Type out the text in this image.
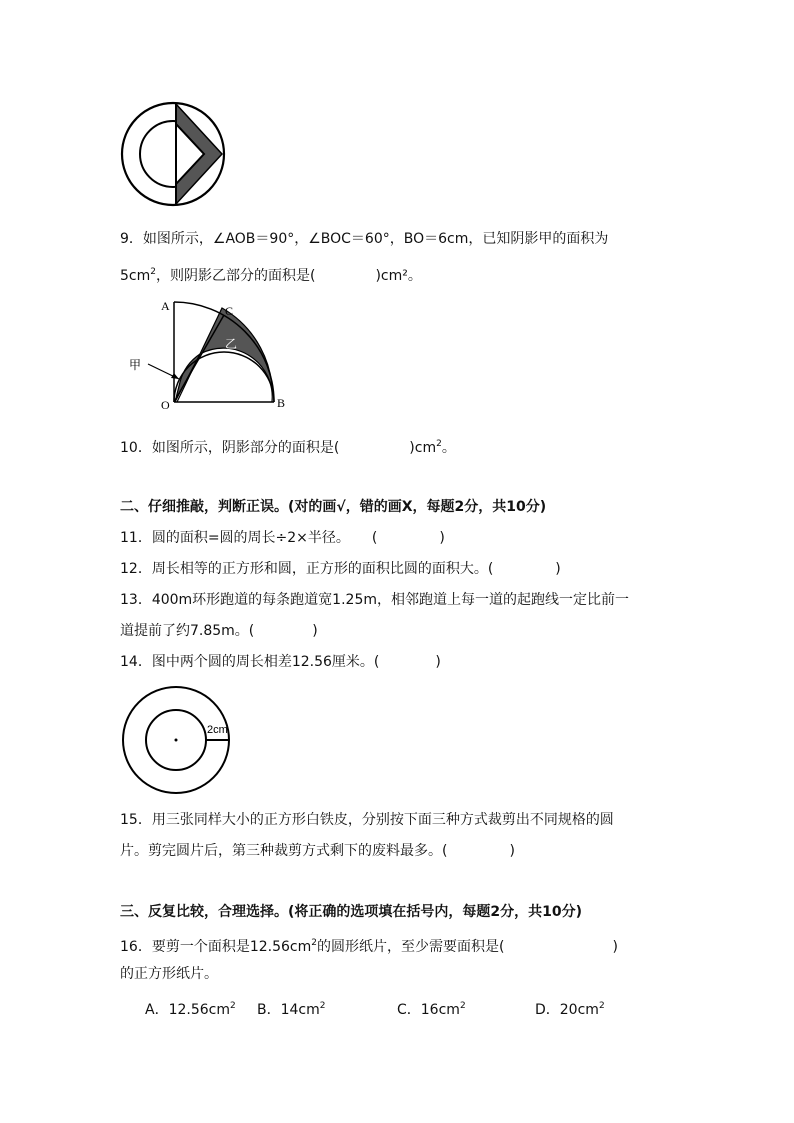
9．如图所示，∠AOB＝90°，∠BOC＝60°，BO＝6cm，已知阴影甲的面积为
$5cm^2$，则阴影乙部分的面积是(	)cm²。
A	C
B
O
甲
乙
10．如图所示，阴影部分的面积是(	)$cm^2$。
二、仔细推敲，判断正误。(对的画√，错的画X，每题2分，共10分)
11．圆的面积=圆的周长÷2×半径。 (	)
12．周长相等的正方形和圆，正方形的面积比圆的面积大。(	)
13．400m环形跑道的每条跑道宽1.25m，相邻跑道上每一道的起跑线一定比前一
道提前了约7.85m。(	)
14．图中两个圆的周长相差12.56厘米。(	)
2cm
15．用三张同样大小的正方形白铁皮，分别按下面三种方式裁剪出不同规格的圆
片。剪完圆片后，第三种裁剪方式剩下的废料最多。(	)
三、反复比较，合理选择。(将正确的选项填在括号内，每题2分，共10分)
16．要剪一个面积是$12.56cm^2$的圆形纸片，至少需要面积是(	)
的正方形纸片。
A．$12.56cm^2$ B．$14cm^2$	C．$16cm^2$	D．$20cm^2$
